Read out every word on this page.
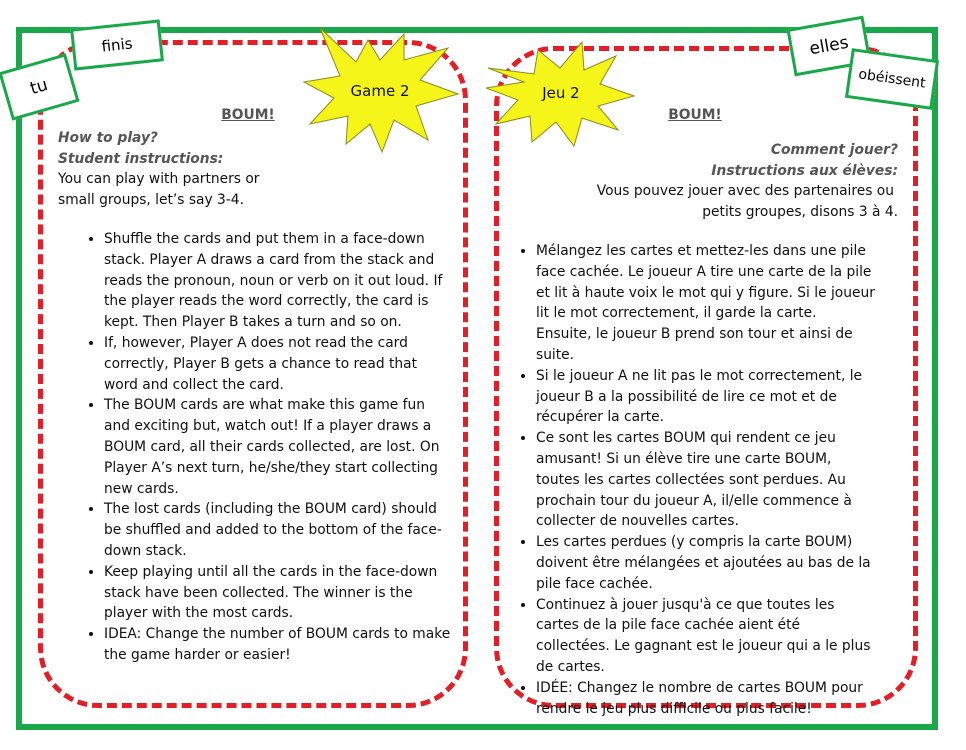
BOUM!
How to play?
Student instructions:
You can play with partners or
small groups, let’s say 3-4.
• Shuffle the cards and put them in a face-down stack. Player A draws a card from the stack and reads the pronoun, noun or verb on it out loud. If the player reads the word correctly, the card is kept. Then Player B takes a turn and so on.
• If, however, Player A does not read the card correctly, Player B gets a chance to read that word and collect the card.
• The BOUM cards are what make this game fun and exciting but, watch out! If a player draws a BOUM card, all their cards collected, are lost. On Player A’s next turn, he/she/they start collecting new cards.
• The lost cards (including the BOUM card) should be shuffled and added to the bottom of the face-down stack.
• Keep playing until all the cards in the face-down stack have been collected. The winner is the player with the most cards.
• IDEA: Change the number of BOUM cards to make the game harder or easier!
BOUM!
Comment jouer?
Instructions aux élèves:
Vous pouvez jouer avec des partenaires ou
petits groupes, disons 3 à 4.
• Mélangez les cartes et mettez-les dans une pile face cachée. Le joueur A tire une carte de la pile et lit à haute voix le mot qui y figure. Si le joueur lit le mot correctement, il garde la carte. Ensuite, le joueur B prend son tour et ainsi de suite.
• Si le joueur A ne lit pas le mot correctement, le joueur B a la possibilité de lire ce mot et de récupérer la carte.
• Ce sont les cartes BOUM qui rendent ce jeu amusant! Si un élève tire une carte BOUM, toutes les cartes collectées sont perdues. Au prochain tour du joueur A, il/elle commence à collecter de nouvelles cartes.
• Les cartes perdues (y compris la carte BOUM) doivent être mélangées et ajoutées au bas de la pile face cachée.
• Continuez à jouer jusqu'à ce que toutes les cartes de la pile face cachée aient été collectées. Le gagnant est le joueur qui a le plus de cartes.
• IDÉE: Changez le nombre de cartes BOUM pour rendre le jeu plus difficile ou plus facile!
Game 2	Jeu 2
tu
finis	elles
obéissent
